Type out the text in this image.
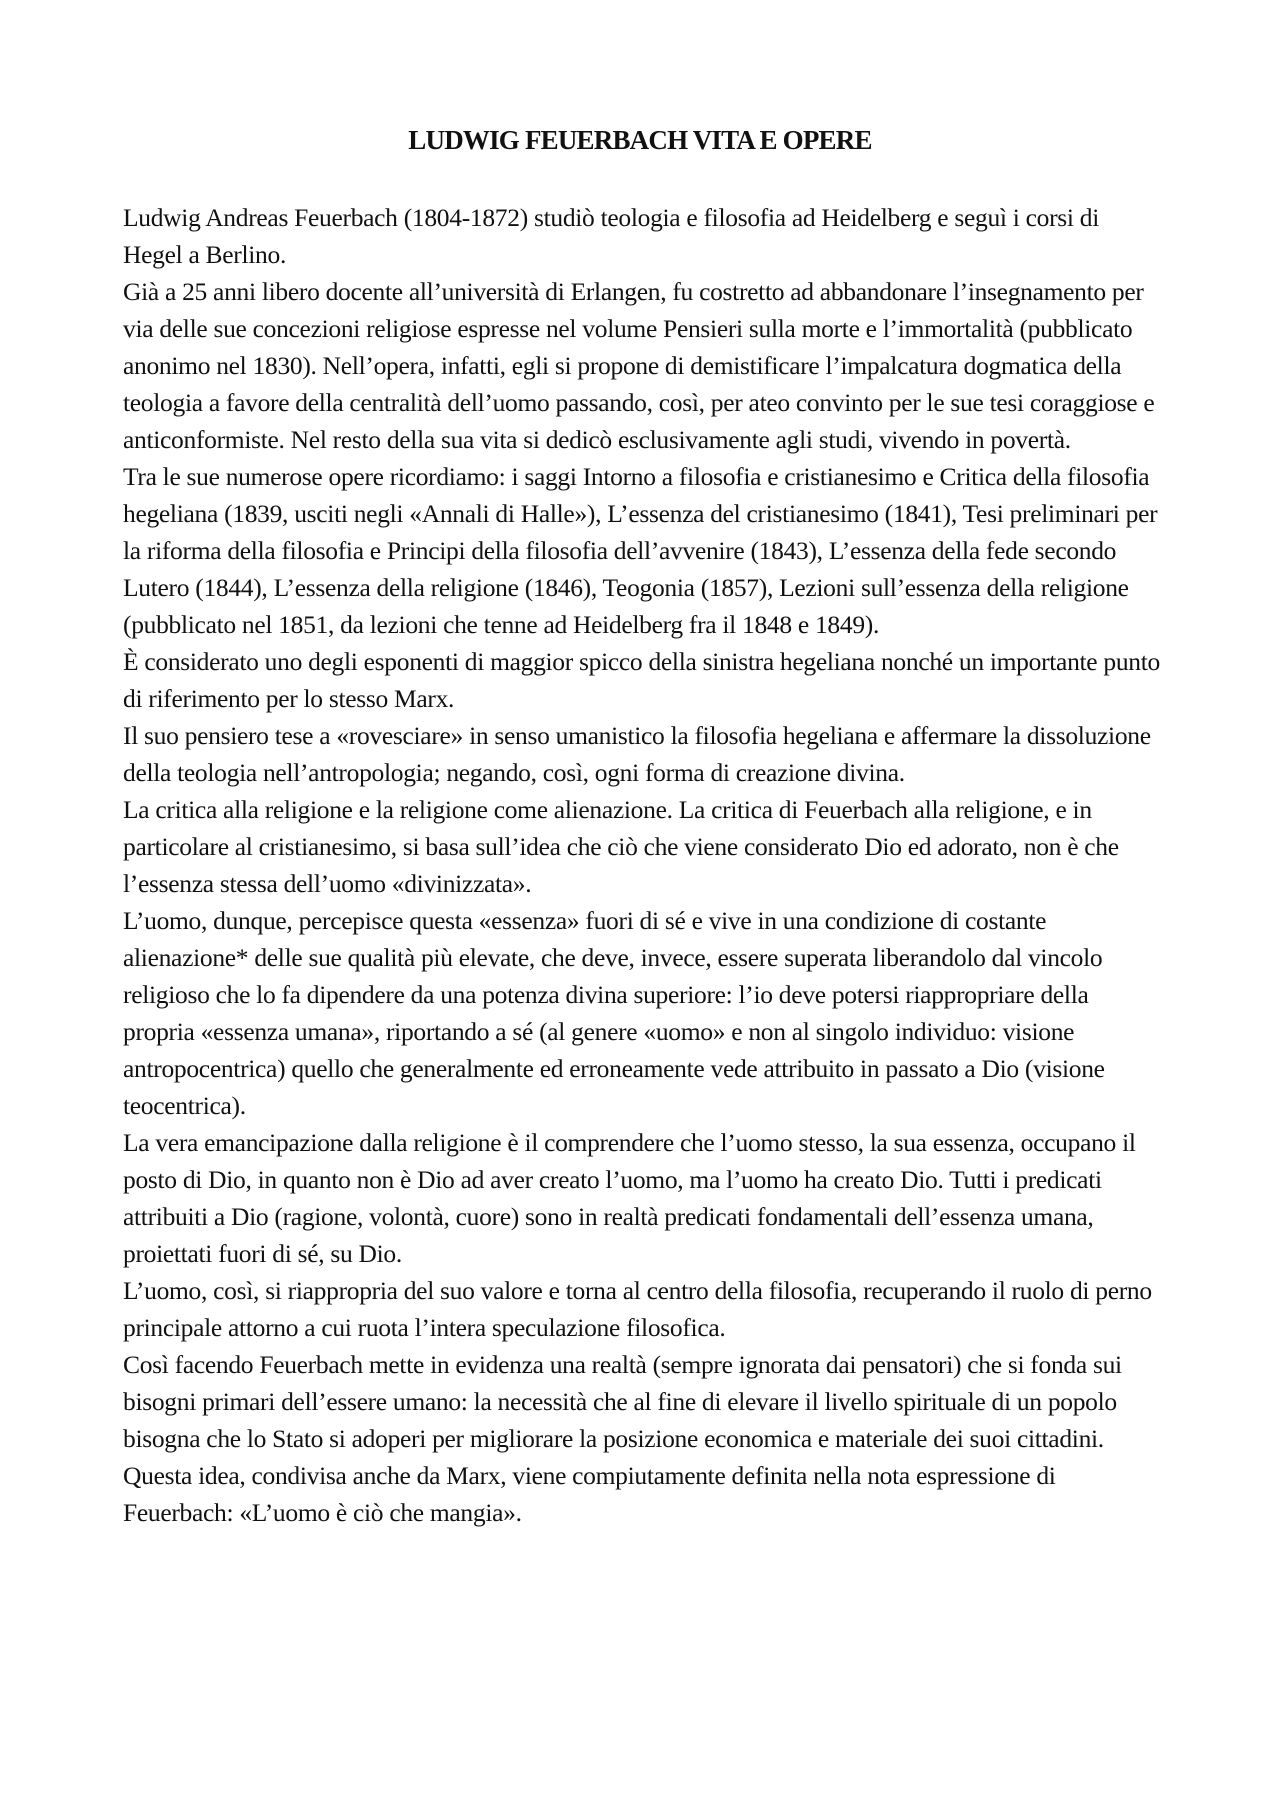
LUDWIG FEUERBACH VITA E OPERE

Ludwig Andreas Feuerbach (1804-1872) studiò teologia e filosofia ad Heidelberg e seguì i corsi di Hegel a Berlino.

Già a 25 anni libero docente all’università di Erlangen, fu costretto ad abbandonare l’insegnamento per via delle sue concezioni religiose espresse nel volume Pensieri sulla morte e l’immortalità (pubblicato anonimo nel 1830). Nell’opera, infatti, egli si propone di demistificare l’impalcatura dogmatica della teologia a favore della centralità dell’uomo passando, così, per ateo convinto per le sue tesi coraggiose e anticonformiste. Nel resto della sua vita si dedicò esclusivamente agli studi, vivendo in povertà.

Tra le sue numerose opere ricordiamo: i saggi Intorno a filosofia e cristianesimo e Critica della filosofia hegeliana (1839, usciti negli «Annali di Halle»), L’essenza del cristianesimo (1841), Tesi preliminari per la riforma della filosofia e Principi della filosofia dell’avvenire (1843), L’essenza della fede secondo Lutero (1844), L’essenza della religione (1846), Teogonia (1857), Lezioni sull’essenza della religione (pubblicato nel 1851, da lezioni che tenne ad Heidelberg fra il 1848 e 1849).

È considerato uno degli esponenti di maggior spicco della sinistra hegeliana nonché un importante punto di riferimento per lo stesso Marx.

Il suo pensiero tese a «rovesciare» in senso umanistico la filosofia hegeliana e affermare la dissoluzione della teologia nell’antropologia; negando, così, ogni forma di creazione divina.

La critica alla religione e la religione come alienazione. La critica di Feuerbach alla religione, e in particolare al cristianesimo, si basa sull’idea che ciò che viene considerato Dio ed adorato, non è che l’essenza stessa dell’uomo «divinizzata».

L’uomo, dunque, percepisce questa «essenza» fuori di sé e vive in una condizione di costante alienazione* delle sue qualità più elevate, che deve, invece, essere superata liberandolo dal vincolo religioso che lo fa dipendere da una potenza divina superiore: l’io deve potersi riappropriare della propria «essenza umana», riportando a sé (al genere «uomo» e non al singolo individuo: visione antropocentrica) quello che generalmente ed erroneamente vede attribuito in passato a Dio (visione teocentrica).

La vera emancipazione dalla religione è il comprendere che l’uomo stesso, la sua essenza, occupano il posto di Dio, in quanto non è Dio ad aver creato l’uomo, ma l’uomo ha creato Dio. Tutti i predicati attribuiti a Dio (ragione, volontà, cuore) sono in realtà predicati fondamentali dell’essenza umana, proiettati fuori di sé, su Dio.

L’uomo, così, si riappropria del suo valore e torna al centro della filosofia, recuperando il ruolo di perno principale attorno a cui ruota l’intera speculazione filosofica.

Così facendo Feuerbach mette in evidenza una realtà (sempre ignorata dai pensatori) che si fonda sui bisogni primari dell’essere umano: la necessità che al fine di elevare il livello spirituale di un popolo bisogna che lo Stato si adoperi per migliorare la posizione economica e materiale dei suoi cittadini. Questa idea, condivisa anche da Marx, viene compiutamente definita nella nota espressione di Feuerbach: «L’uomo è ciò che mangia».
